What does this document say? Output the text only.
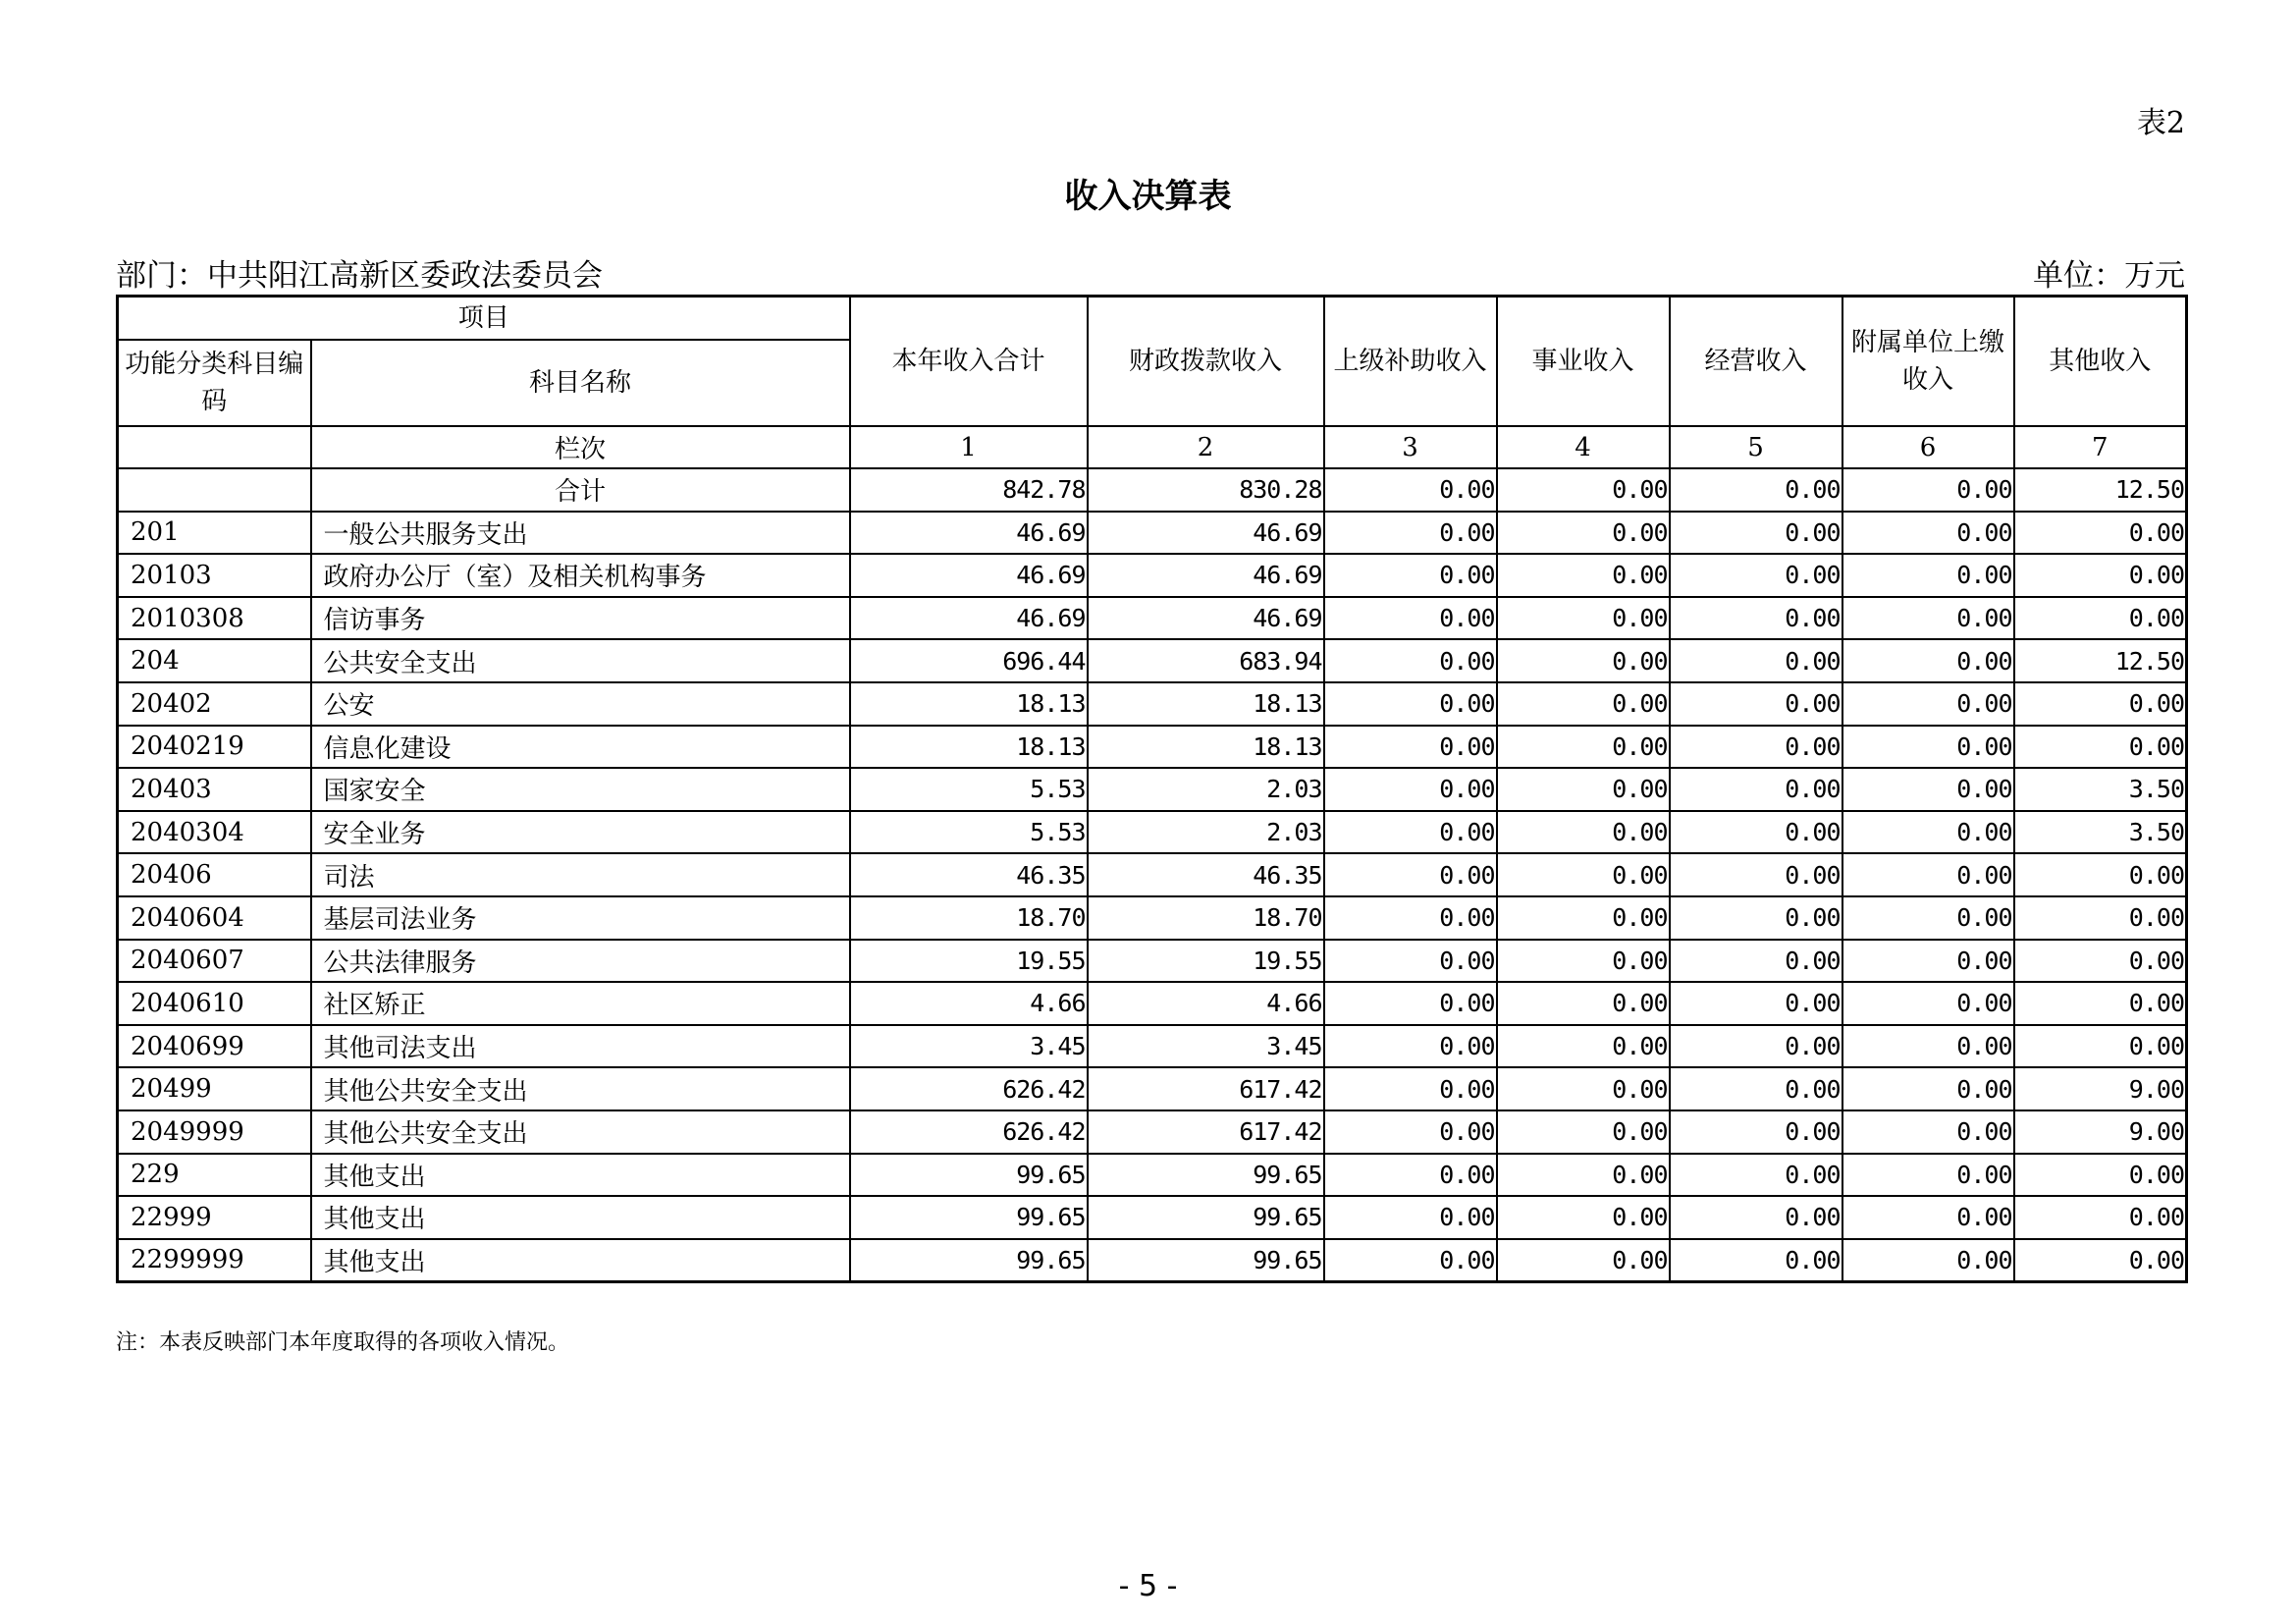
表2
收入决算表
部门：中共阳江高新区委政法委员会	单位：万元
项目		本年收入合计	财政拨款收入	上级补助收入	事业收入	经营收入	附属单位上缴收入	其他收入
功能分类科目编码	科目名称							
	栏次	1	2	3	4	5	6	7
	合计	842.78	830.28	0.00	0.00	0.00	0.00	12.50
201	一般公共服务支出	46.69	46.69	0.00	0.00	0.00	0.00	0.00
20103	政府办公厅（室）及相关机构事务	46.69	46.69	0.00	0.00	0.00	0.00	0.00
2010308	信访事务	46.69	46.69	0.00	0.00	0.00	0.00	0.00
204	公共安全支出	696.44	683.94	0.00	0.00	0.00	0.00	12.50
20402	公安	18.13	18.13	0.00	0.00	0.00	0.00	0.00
2040219	信息化建设	18.13	18.13	0.00	0.00	0.00	0.00	0.00
20403	国家安全	5.53	2.03	0.00	0.00	0.00	0.00	3.50
2040304	安全业务	5.53	2.03	0.00	0.00	0.00	0.00	3.50
20406	司法	46.35	46.35	0.00	0.00	0.00	0.00	0.00
2040604	基层司法业务	18.70	18.70	0.00	0.00	0.00	0.00	0.00
2040607	公共法律服务	19.55	19.55	0.00	0.00	0.00	0.00	0.00
2040610	社区矫正	4.66	4.66	0.00	0.00	0.00	0.00	0.00
2040699	其他司法支出	3.45	3.45	0.00	0.00	0.00	0.00	0.00
20499	其他公共安全支出	626.42	617.42	0.00	0.00	0.00	0.00	9.00
2049999	其他公共安全支出	626.42	617.42	0.00	0.00	0.00	0.00	9.00
229	其他支出	99.65	99.65	0.00	0.00	0.00	0.00	0.00
22999	其他支出	99.65	99.65	0.00	0.00	0.00	0.00	0.00
2299999	其他支出	99.65	99.65	0.00	0.00	0.00	0.00	0.00
注：本表反映部门本年度取得的各项收入情况。
- 5 -
